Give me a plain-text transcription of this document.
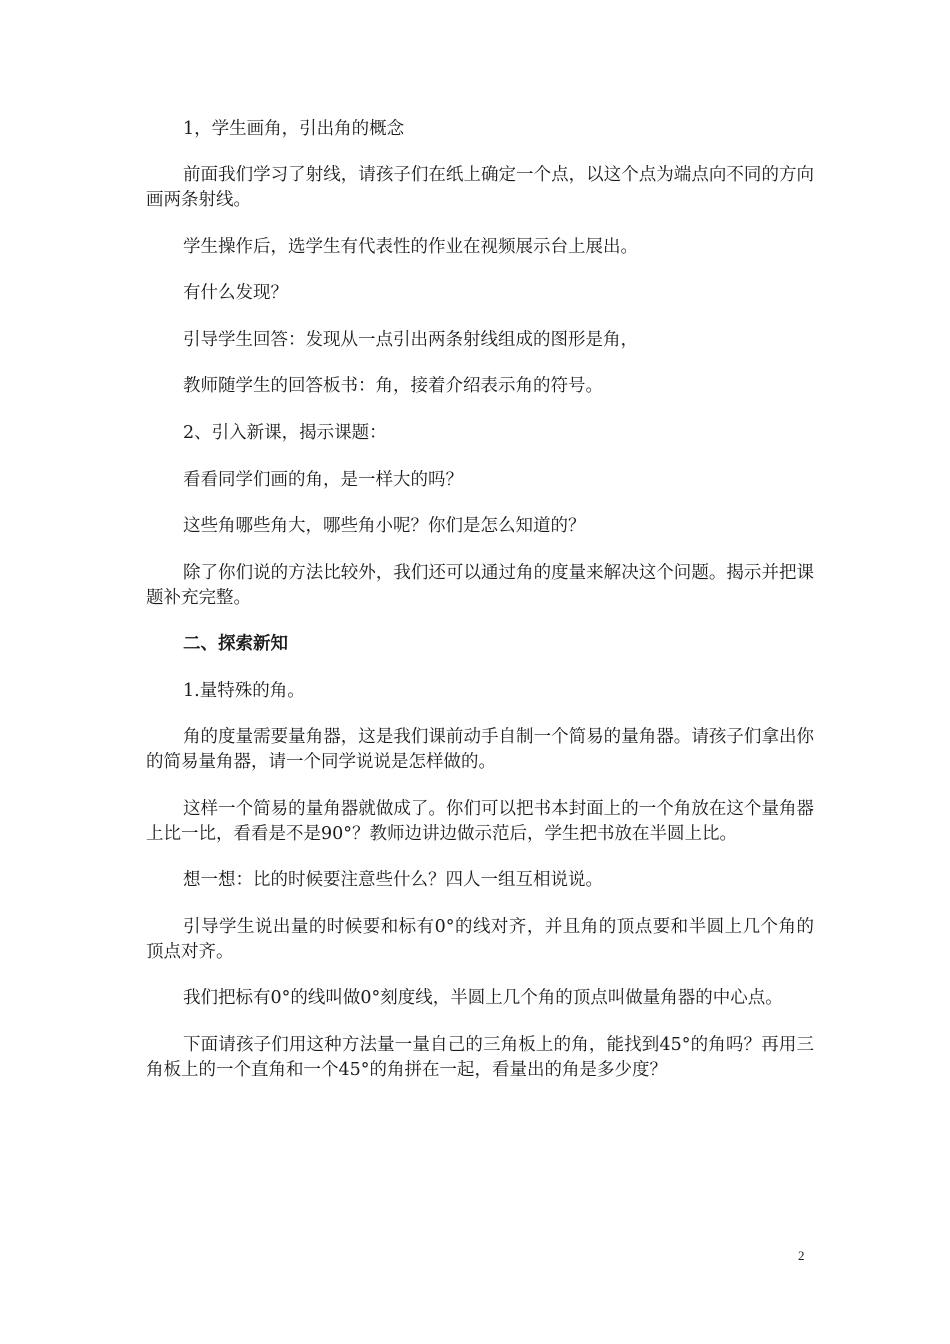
1，学生画角，引出角的概念

前面我们学习了射线，请孩子们在纸上确定一个点，以这个点为端点向不同的方向画两条射线。

学生操作后，选学生有代表性的作业在视频展示台上展出。

有什么发现？

引导学生回答：发现从一点引出两条射线组成的图形是角，

教师随学生的回答板书：角，接着介绍表示角的符号。

2、引入新课，揭示课题：

看看同学们画的角，是一样大的吗？

这些角哪些角大，哪些角小呢？你们是怎么知道的？

除了你们说的方法比较外，我们还可以通过角的度量来解决这个问题。揭示并把课题补充完整。

二、探索新知

1.量特殊的角。

角的度量需要量角器，这是我们课前动手自制一个简易的量角器。请孩子们拿出你的简易量角器，请一个同学说说是怎样做的。

这样一个简易的量角器就做成了。你们可以把书本封面上的一个角放在这个量角器上比一比，看看是不是90°？教师边讲边做示范后，学生把书放在半圆上比。

想一想：比的时候要注意些什么？四人一组互相说说。

引导学生说出量的时候要和标有0°的线对齐，并且角的顶点要和半圆上几个角的顶点对齐。

我们把标有0°的线叫做0°刻度线，半圆上几个角的顶点叫做量角器的中心点。

下面请孩子们用这种方法量一量自己的三角板上的角，能找到45°的角吗？再用三角板上的一个直角和一个45°的角拼在一起，看量出的角是多少度？

2
